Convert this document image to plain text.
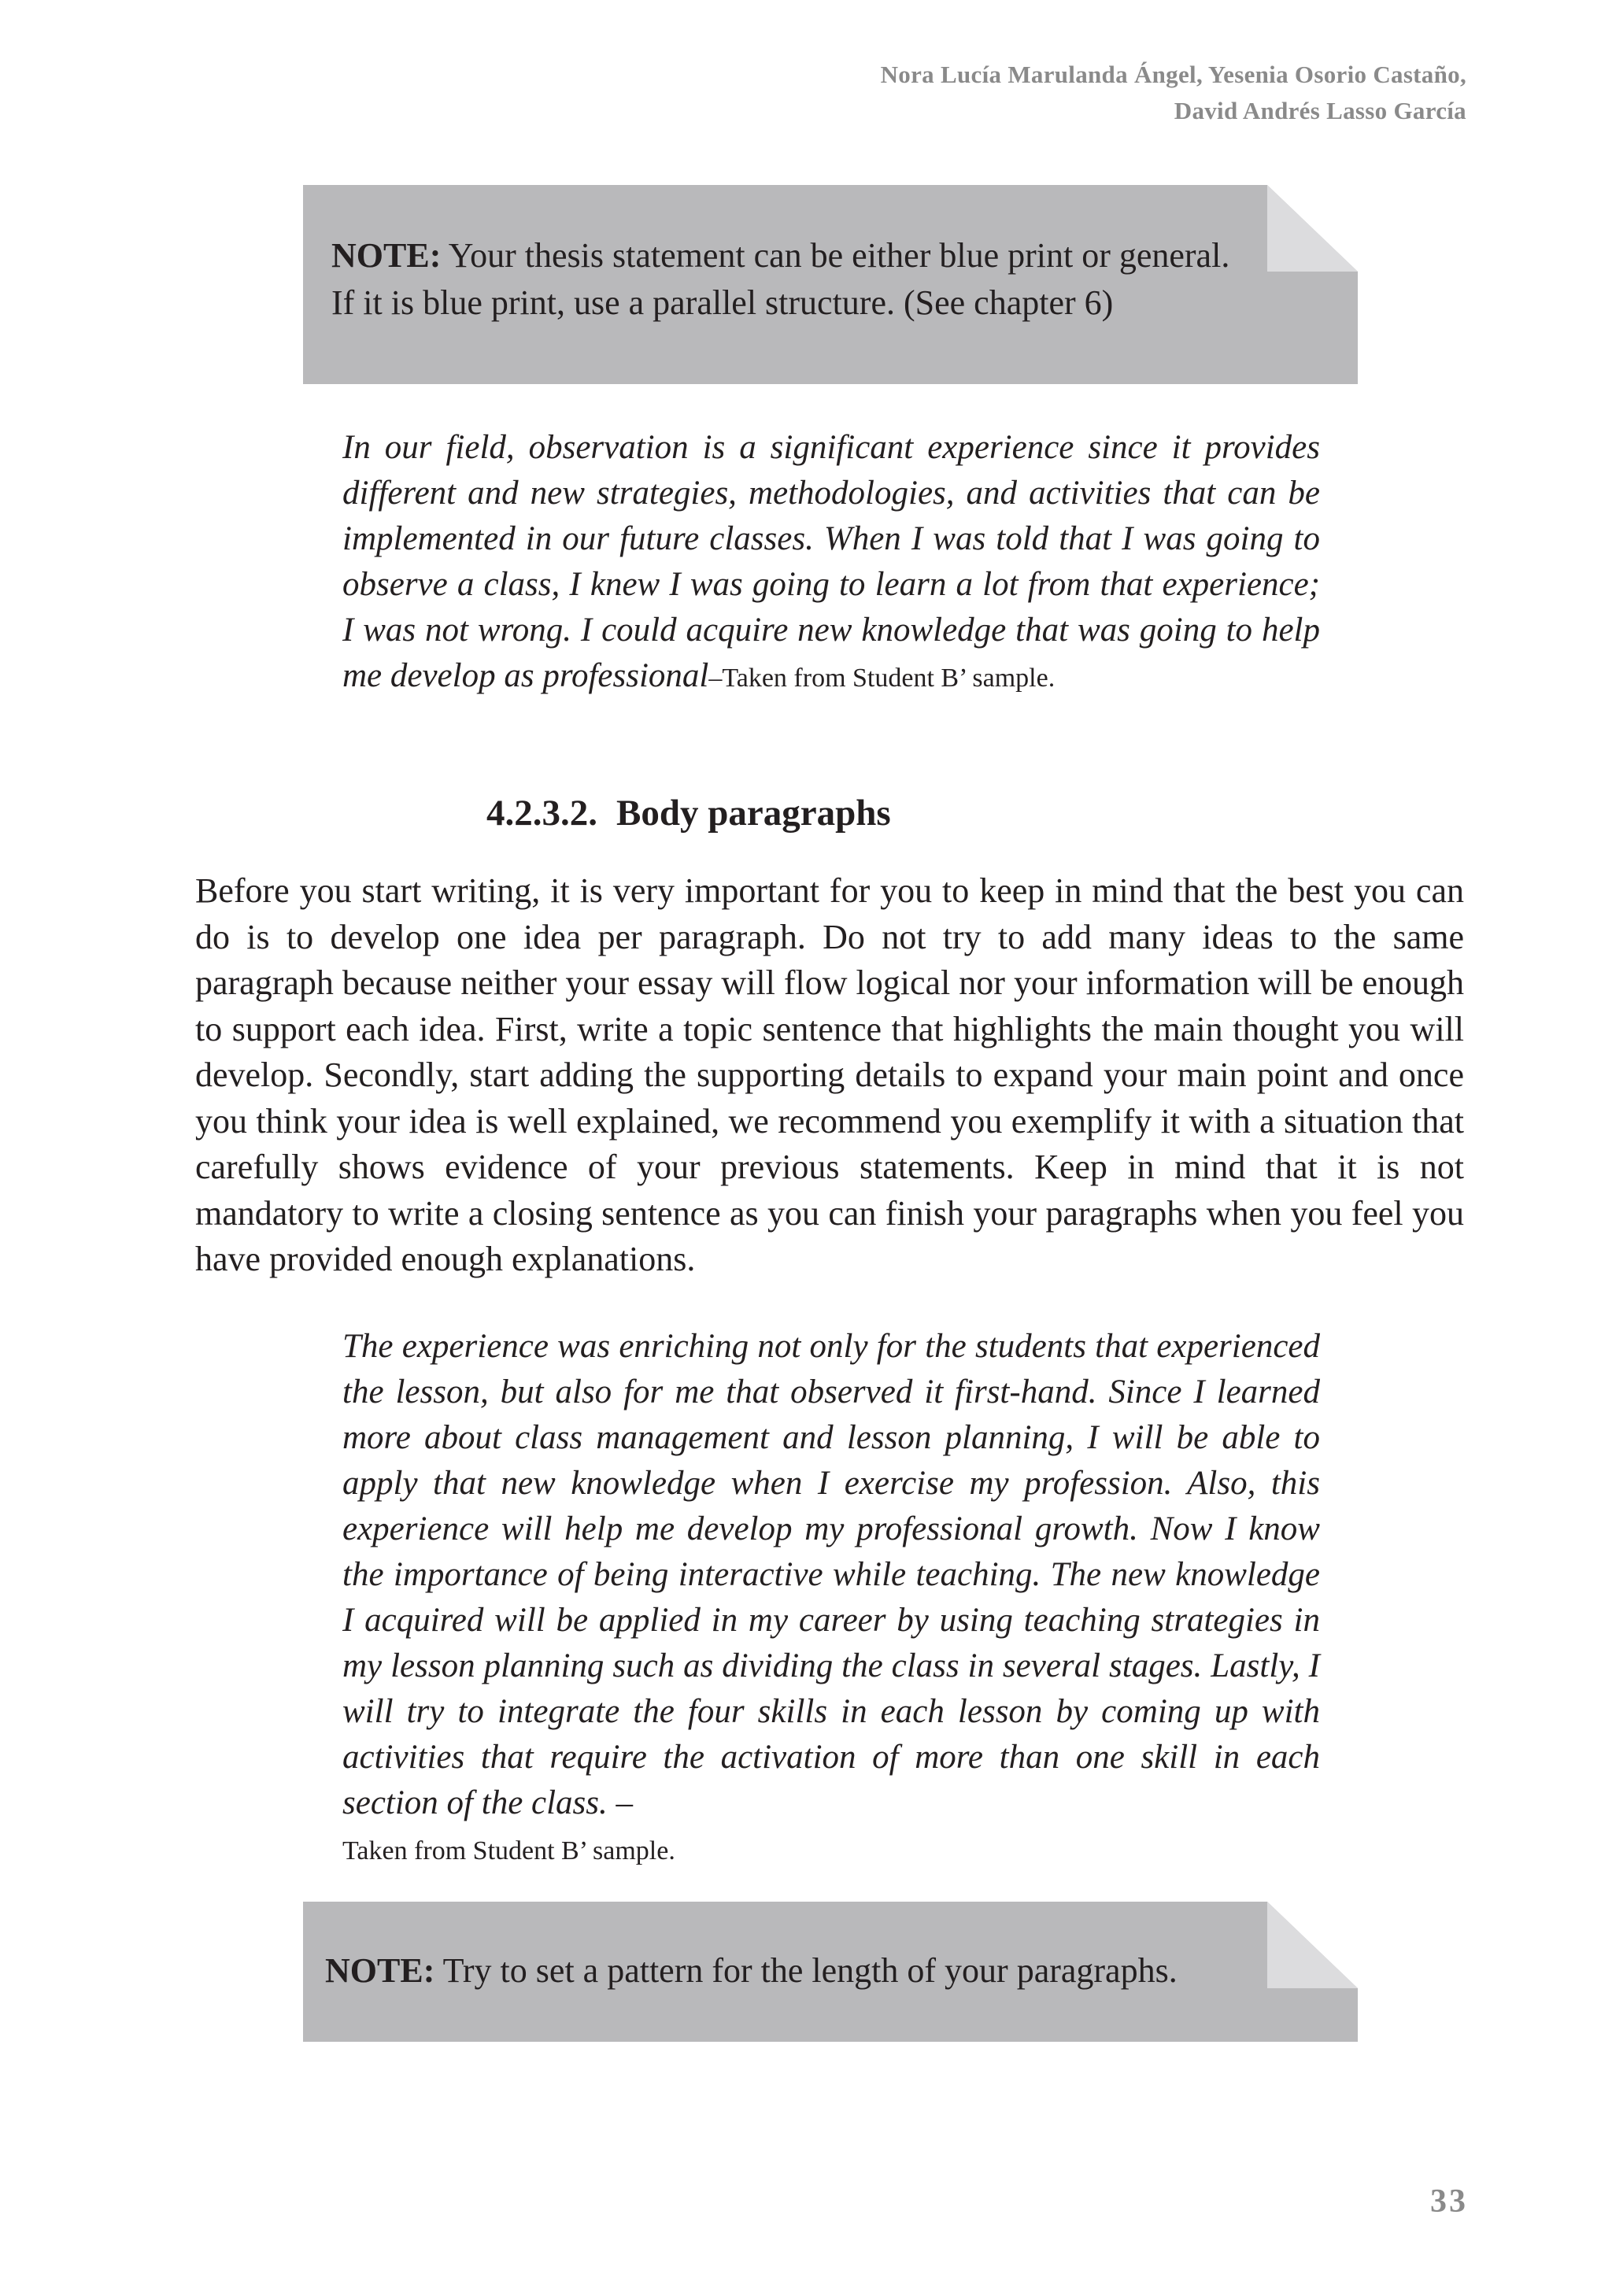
Nora Lucía Marulanda Ángel, Yesenia Osorio Castaño,
David Andrés Lasso García
NOTE: Your thesis statement can be either blue print or general.
If it is blue print, use a parallel structure. (See chapter 6)
In our field, observation is a significant experience since it provides different and new strategies, methodologies, and activities that can be implemented in our future classes. When I was told that I was going to observe a class, I knew I was going to learn a lot from that experience; I was not wrong. I could acquire new knowledge that was going to help me develop as professional–Taken from Student B’ sample.
4.2.3.2. Body paragraphs
Before you start writing, it is very important for you to keep in mind that the best you can do is to develop one idea per paragraph. Do not try to add many ideas to the same paragraph because neither your essay will flow logical nor your information will be enough to support each idea. First, write a topic sentence that highlights the main thought you will develop. Secondly, start adding the supporting details to expand your main point and once you think your idea is well explained, we recommend you exemplify it with a situation that carefully shows evidence of your previous statements. Keep in mind that it is not mandatory to write a closing sentence as you can finish your paragraphs when you feel you have provided enough explanations.
The experience was enriching not only for the students that experienced the lesson, but also for me that observed it first-hand. Since I learned more about class management and lesson planning, I will be able to apply that new knowledge when I exercise my profession. Also, this experience will help me develop my professional growth. Now I know the importance of being interactive while teaching. The new knowledge I acquired will be applied in my career by using teaching strategies in my lesson planning such as dividing the class in several stages. Lastly, I will try to integrate the four skills in each lesson by coming up with activities that require the activation of more than one skill in each section of the class. –
Taken from Student B’ sample.
NOTE: Try to set a pattern for the length of your paragraphs.
33
